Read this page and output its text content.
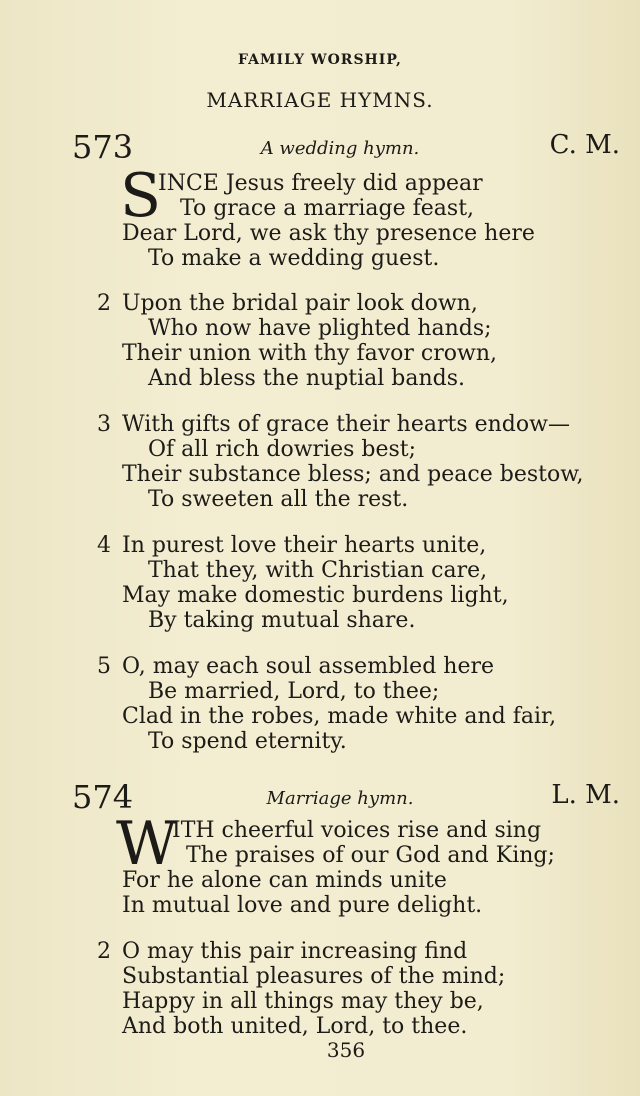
FAMILY WORSHIP,
MARRIAGE HYMNS.
573	A wedding hymn.	C. M.
S
INCE Jesus freely did appear
To grace a marriage feast,
Dear Lord, we ask thy presence here
To make a wedding guest.
2 Upon the bridal pair look down,
Who now have plighted hands;
Their union with thy favor crown,
And bless the nuptial bands.
3 With gifts of grace their hearts endow—
Of all rich dowries best;
Their substance bless; and peace bestow,
To sweeten all the rest.
4 In purest love their hearts unite,
That they, with Christian care,
May make domestic burdens light,
By taking mutual share.
5 O, may each soul assembled here
Be married, Lord, to thee;
Clad in the robes, made white and fair,
To spend eternity.
574	Marriage hymn.	L. M.
W
ITH cheerful voices rise and sing
The praises of our God and King;
For he alone can minds unite
In mutual love and pure delight.
2 O may this pair increasing find
Substantial pleasures of the mind;
Happy in all things may they be,
And both united, Lord, to thee.
356
